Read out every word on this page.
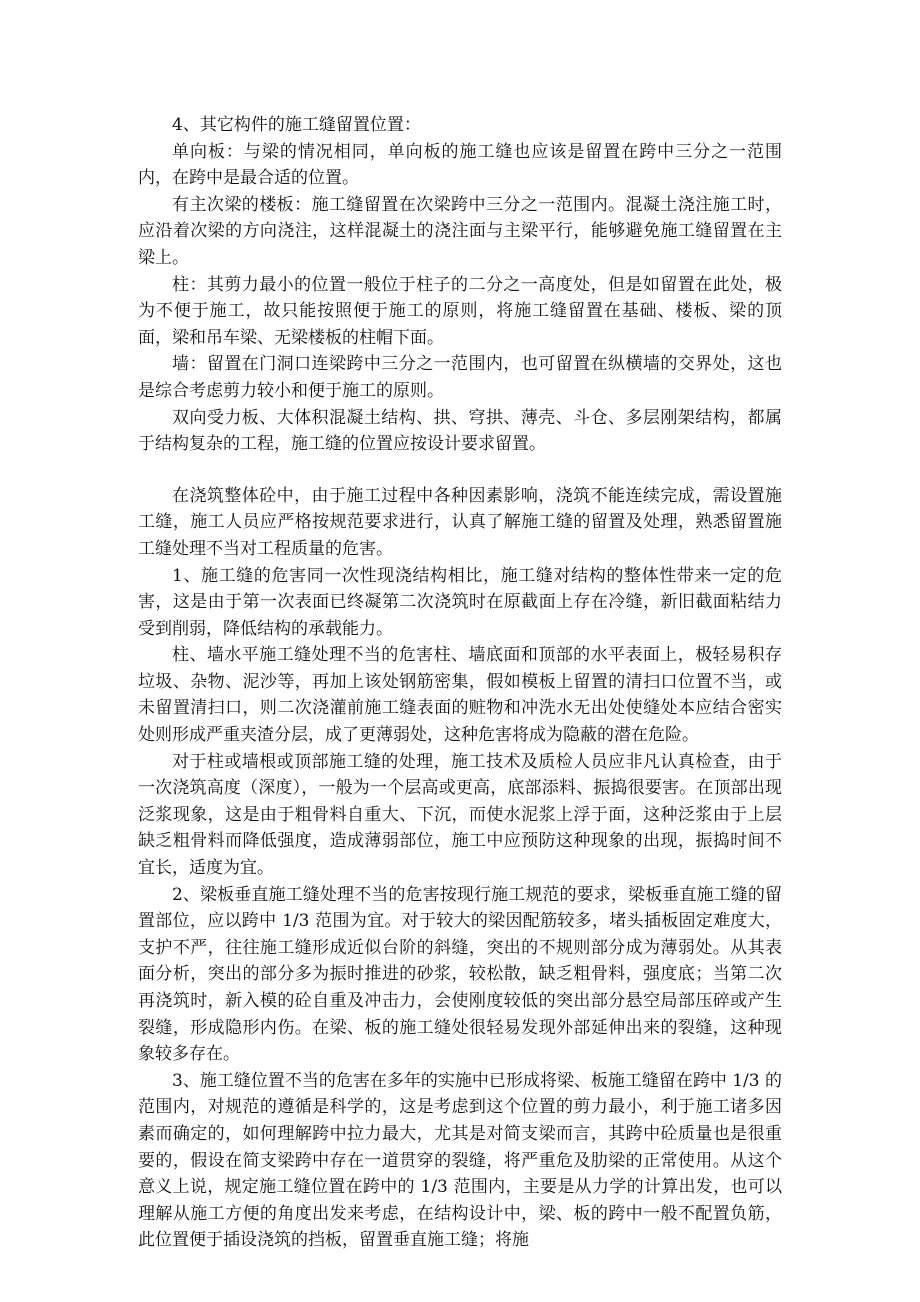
4、其它构件的施工缝留置位置：

单向板：与梁的情况相同，单向板的施工缝也应该是留置在跨中三分之一范围内，在跨中是最合适的位置。

有主次梁的楼板：施工缝留置在次梁跨中三分之一范围内。混凝土浇注施工时，应沿着次梁的方向浇注，这样混凝土的浇注面与主梁平行，能够避免施工缝留置在主梁上。

柱：其剪力最小的位置一般位于柱子的二分之一高度处，但是如留置在此处，极为不便于施工，故只能按照便于施工的原则，将施工缝留置在基础、楼板、梁的顶面，梁和吊车梁、无梁楼板的柱帽下面。

墙：留置在门洞口连梁跨中三分之一范围内，也可留置在纵横墙的交界处，这也是综合考虑剪力较小和便于施工的原则。

双向受力板、大体积混凝土结构、拱、穹拱、薄壳、斗仓、多层刚架结构，都属于结构复杂的工程，施工缝的位置应按设计要求留置。

在浇筑整体砼中，由于施工过程中各种因素影响，浇筑不能连续完成，需设置施工缝，施工人员应严格按规范要求进行，认真了解施工缝的留置及处理，熟悉留置施工缝处理不当对工程质量的危害。

1、施工缝的危害同一次性现浇结构相比，施工缝对结构的整体性带来一定的危害，这是由于第一次表面已终凝第二次浇筑时在原截面上存在冷缝，新旧截面粘结力受到削弱，降低结构的承载能力。

柱、墙水平施工缝处理不当的危害柱、墙底面和顶部的水平表面上，极轻易积存垃圾、杂物、泥沙等，再加上该处钢筋密集，假如模板上留置的清扫口位置不当，或未留置清扫口，则二次浇灌前施工缝表面的赃物和冲洗水无出处使缝处本应结合密实处则形成严重夹渣分层，成了更薄弱处，这种危害将成为隐蔽的潜在危险。

对于柱或墙根或顶部施工缝的处理，施工技术及质检人员应非凡认真检查，由于一次浇筑高度（深度），一般为一个层高或更高，底部添料、振捣很要害。在顶部出现泛浆现象，这是由于粗骨料自重大、下沉，而使水泥浆上浮于面，这种泛浆由于上层缺乏粗骨料而降低强度，造成薄弱部位，施工中应预防这种现象的出现，振捣时间不宜长，适度为宜。

2、梁板垂直施工缝处理不当的危害按现行施工规范的要求，梁板垂直施工缝的留置部位，应以跨中 1/3 范围为宜。对于较大的梁因配筋较多，堵头插板固定难度大，支护不严，往往施工缝形成近似台阶的斜缝，突出的不规则部分成为薄弱处。从其表面分析，突出的部分多为振时推进的砂浆，较松散，缺乏粗骨料，强度底；当第二次再浇筑时，新入模的砼自重及冲击力，会使刚度较低的突出部分悬空局部压碎或产生裂缝，形成隐形内伤。在梁、板的施工缝处很轻易发现外部延伸出来的裂缝，这种现象较多存在。

3、施工缝位置不当的危害在多年的实施中已形成将梁、板施工缝留在跨中 1/3 的范围内，对规范的遵循是科学的，这是考虑到这个位置的剪力最小，利于施工诸多因素而确定的，如何理解跨中拉力最大，尤其是对简支梁而言，其跨中砼质量也是很重要的，假设在简支梁跨中存在一道贯穿的裂缝，将严重危及肋梁的正常使用。从这个意义上说，规定施工缝位置在跨中的 1/3 范围内，主要是从力学的计算出发，也可以理解从施工方便的角度出发来考虑，在结构设计中，梁、板的跨中一般不配置负筋，此位置便于插设浇筑的挡板，留置垂直施工缝；将施
